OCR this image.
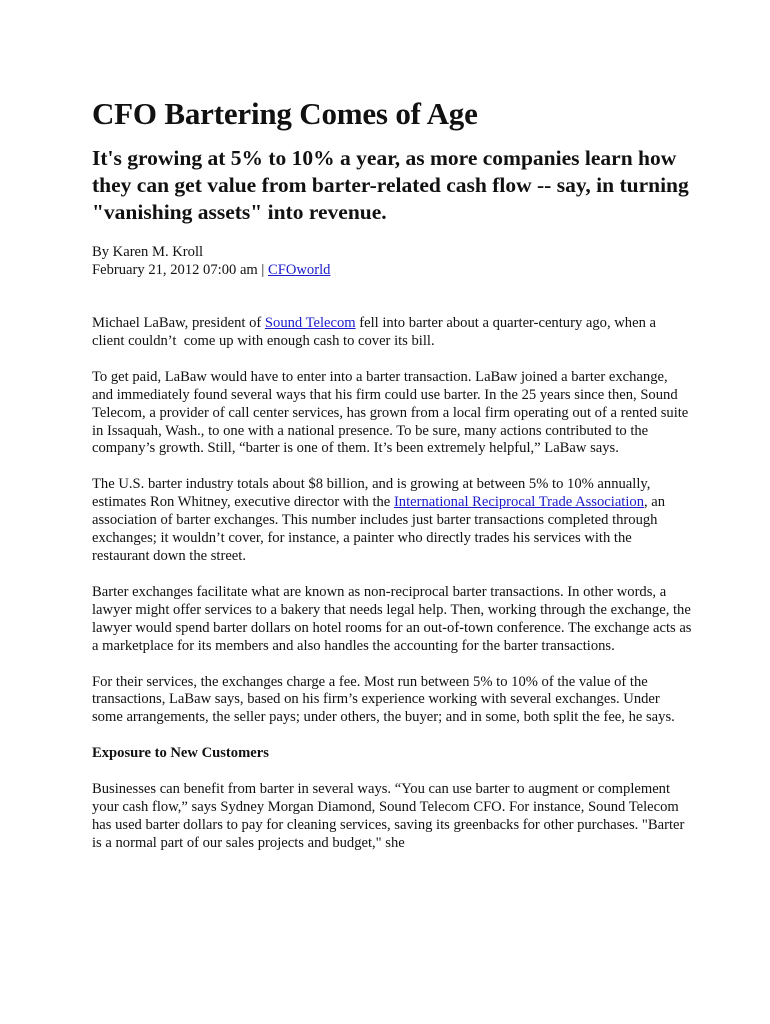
CFO Bartering Comes of Age
It's growing at 5% to 10% a year, as more companies learn how they can get value from barter-related cash flow -- say, in turning "vanishing assets" into revenue.
By Karen M. Kroll
February 21, 2012 07:00 am | CFOworld

Michael LaBaw, president of Sound Telecom fell into barter about a quarter-century ago, when a client couldn’t  come up with enough cash to cover its bill.

To get paid, LaBaw would have to enter into a barter transaction. LaBaw joined a barter exchange, and immediately found several ways that his firm could use barter. In the 25 years since then, Sound Telecom, a provider of call center services, has grown from a local firm operating out of a rented suite in Issaquah, Wash., to one with a national presence. To be sure, many actions contributed to the company’s growth. Still, “barter is one of them. It’s been extremely helpful,” LaBaw says.

The U.S. barter industry totals about $8 billion, and is growing at between 5% to 10% annually, estimates Ron Whitney, executive director with the International Reciprocal Trade Association, an association of barter exchanges. This number includes just barter transactions completed through exchanges; it wouldn’t cover, for instance, a painter who directly trades his services with the restaurant down the street.

Barter exchanges facilitate what are known as non-reciprocal barter transactions. In other words, a lawyer might offer services to a bakery that needs legal help. Then, working through the exchange, the lawyer would spend barter dollars on hotel rooms for an out-of-town conference. The exchange acts as a marketplace for its members and also handles the accounting for the barter transactions.

For their services, the exchanges charge a fee. Most run between 5% to 10% of the value of the transactions, LaBaw says, based on his firm’s experience working with several exchanges. Under some arrangements, the seller pays; under others, the buyer; and in some, both split the fee, he says.

Exposure to New Customers

Businesses can benefit from barter in several ways. “You can use barter to augment or complement your cash flow,” says Sydney Morgan Diamond, Sound Telecom CFO. For instance, Sound Telecom has used barter dollars to pay for cleaning services, saving its greenbacks for other purchases. "Barter is a normal part of our sales projects and budget," she
